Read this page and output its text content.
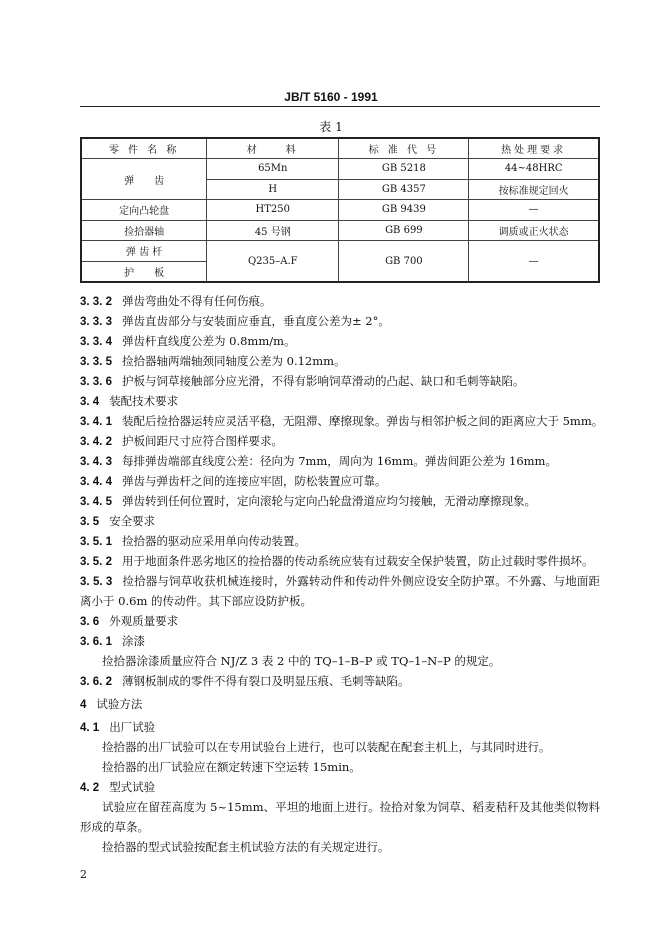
JB/T 5160 - 1991
表 1
零 件 名 称	材　　料	标 准 代 号	热处理要求
弹　　齿	65Mn	GB 5218	44~48HRC
	H	GB 4357	按标准规定回火
定向凸轮盘	HT250	GB 9439	—
捡拾器轴	45 号钢	GB 699	调质或正火状态
弹 齿 杆	Q235–A.F	GB 700	—
护　　板			
3. 3. 2 弹齿弯曲处不得有任何伤痕。
3. 3. 3 弹齿直齿部分与安装面应垂直，垂直度公差为± 2°。
3. 3. 4 弹齿杆直线度公差为 0.8mm/m。
3. 3. 5 捡拾器轴两端轴颈同轴度公差为 0.12mm。
3. 3. 6 护板与饲草接触部分应光滑，不得有影响饲草滑动的凸起、缺口和毛刺等缺陷。
3. 4 装配技术要求
3. 4. 1 装配后捡拾器运转应灵活平稳，无阻滞、摩擦现象。弹齿与相邻护板之间的距离应大于 5mm。
3. 4. 2 护板间距尺寸应符合图样要求。
3. 4. 3 每排弹齿端部直线度公差：径向为 7mm，周向为 16mm。弹齿间距公差为 16mm。
3. 4. 4 弹齿与弹齿杆之间的连接应牢固，防松装置应可靠。
3. 4. 5 弹齿转到任何位置时，定向滚轮与定向凸轮盘滑道应均匀接触，无滑动摩擦现象。
3. 5 安全要求
3. 5. 1 捡拾器的驱动应采用单向传动装置。
3. 5. 2 用于地面条件恶劣地区的捡拾器的传动系统应装有过载安全保护装置，防止过载时零件损坏。
3. 5. 3 捡拾器与饲草收获机械连接时，外露转动件和传动件外侧应设安全防护罩。不外露、与地面距
离小于 0.6m 的传动件。其下部应设防护板。
3. 6 外观质量要求
3. 6. 1 涂漆
捡拾器涂漆质量应符合 NJ/Z 3 表 2 中的 TQ–1–B–P 或 TQ–1–N–P 的规定。
3. 6. 2 薄钢板制成的零件不得有裂口及明显压痕、毛刺等缺陷。
4 试验方法
4. 1 出厂试验
捡拾器的出厂试验可以在专用试验台上进行，也可以装配在配套主机上，与其同时进行。
捡拾器的出厂试验应在额定转速下空运转 15min。
4. 2 型式试验
试验应在留茬高度为 5~15mm、平坦的地面上进行。捡拾对象为饲草、稻麦秸秆及其他类似物料
形成的草条。
捡拾器的型式试验按配套主机试验方法的有关规定进行。
2
